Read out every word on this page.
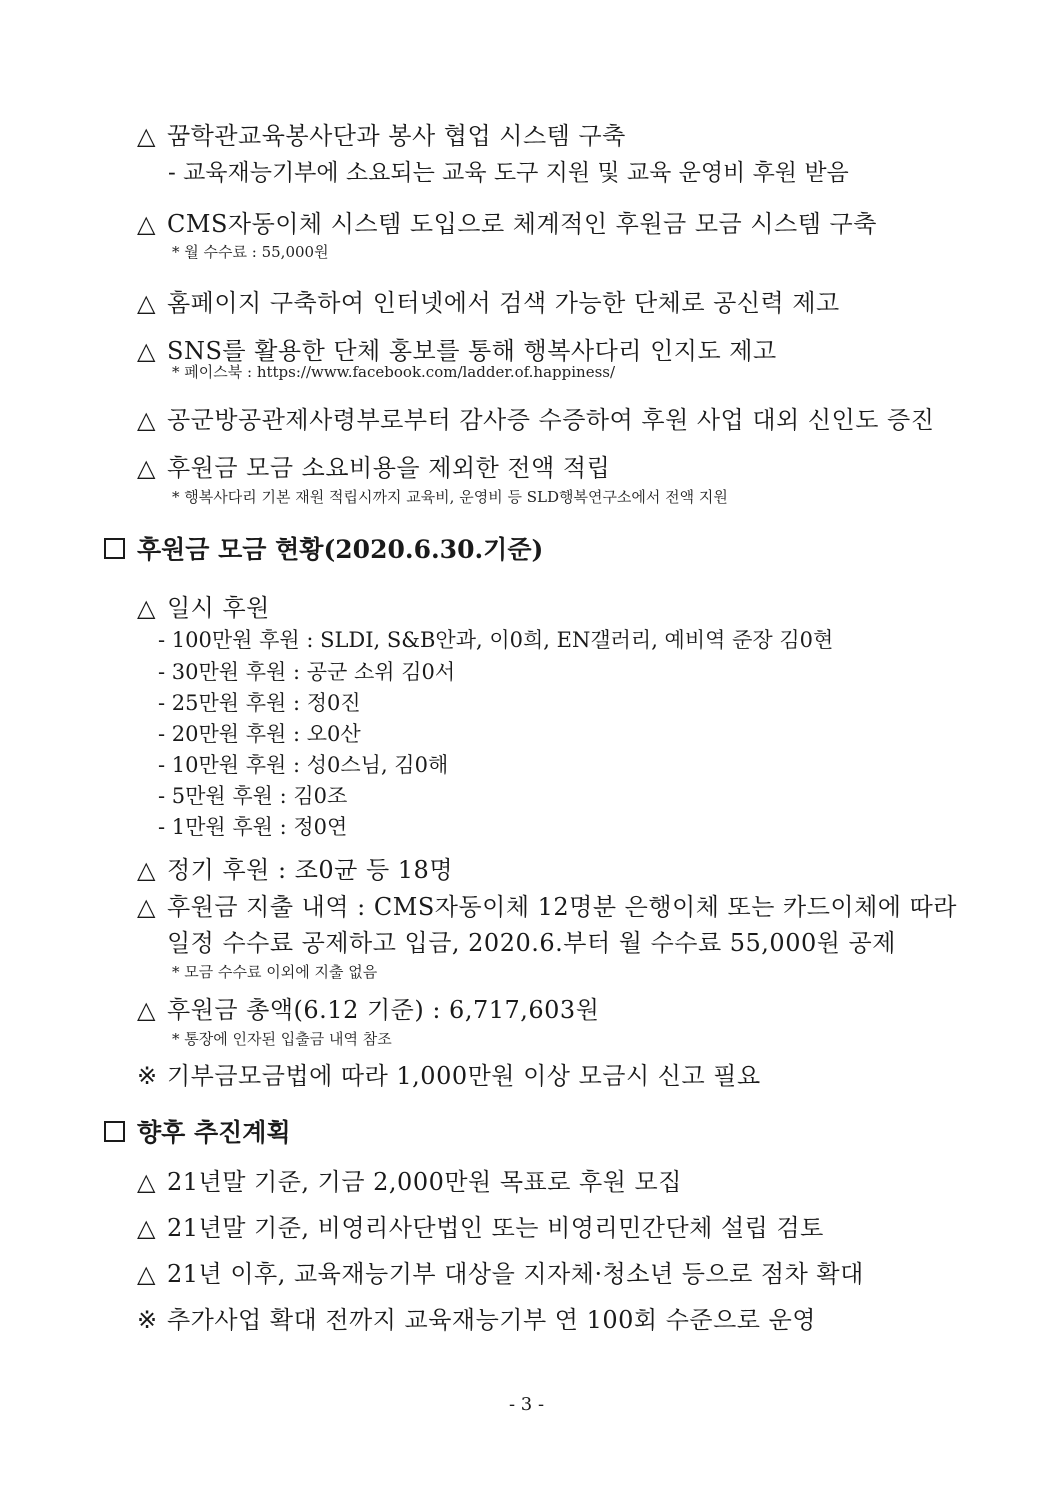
△ 꿈학관교육봉사단과 봉사 협업 시스템 구축
- 교육재능기부에 소요되는 교육 도구 지원 및 교육 운영비 후원 받음
△ CMS자동이체 시스템 도입으로 체계적인 후원금 모금 시스템 구축
* 월 수수료 : 55,000원
△ 홈페이지 구축하여 인터넷에서 검색 가능한 단체로 공신력 제고
△ SNS를 활용한 단체 홍보를 통해 행복사다리 인지도 제고
* 페이스북 : https://www.facebook.com/ladder.of.happiness/
△ 공군방공관제사령부로부터 감사증 수증하여 후원 사업 대외 신인도 증진
△ 후원금 모금 소요비용을 제외한 전액 적립
* 행복사다리 기본 재원 적립시까지 교육비, 운영비 등 SLD행복연구소에서 전액 지원
후원금 모금 현황(2020.6.30.기준)
△ 일시 후원
- 100만원 후원 : SLDI, S&B안과, 이0희, EN갤러리, 예비역 준장 김0현
- 30만원 후원 : 공군 소위 김0서
- 25만원 후원 : 정0진
- 20만원 후원 : 오0산
- 10만원 후원 : 성0스님, 김0해
- 5만원 후원 : 김0조
- 1만원 후원 : 정0연
△ 정기 후원 : 조0균 등 18명
△ 후원금 지출 내역 : CMS자동이체 12명분 은행이체 또는 카드이체에 따라
일정 수수료 공제하고 입금, 2020.6.부터 월 수수료 55,000원 공제
* 모금 수수료 이외에 지출 없음
△ 후원금 총액(6.12 기준) : 6,717,603원
* 통장에 인자된 입출금 내역 참조
※ 기부금모금법에 따라 1,000만원 이상 모금시 신고 필요
향후 추진계획
△ 21년말 기준, 기금 2,000만원 목표로 후원 모집
△ 21년말 기준, 비영리사단법인 또는 비영리민간단체 설립 검토
△ 21년 이후, 교육재능기부 대상을 지자체·청소년 등으로 점차 확대
※ 추가사업 확대 전까지 교육재능기부 연 100회 수준으로 운영
- 3 -
